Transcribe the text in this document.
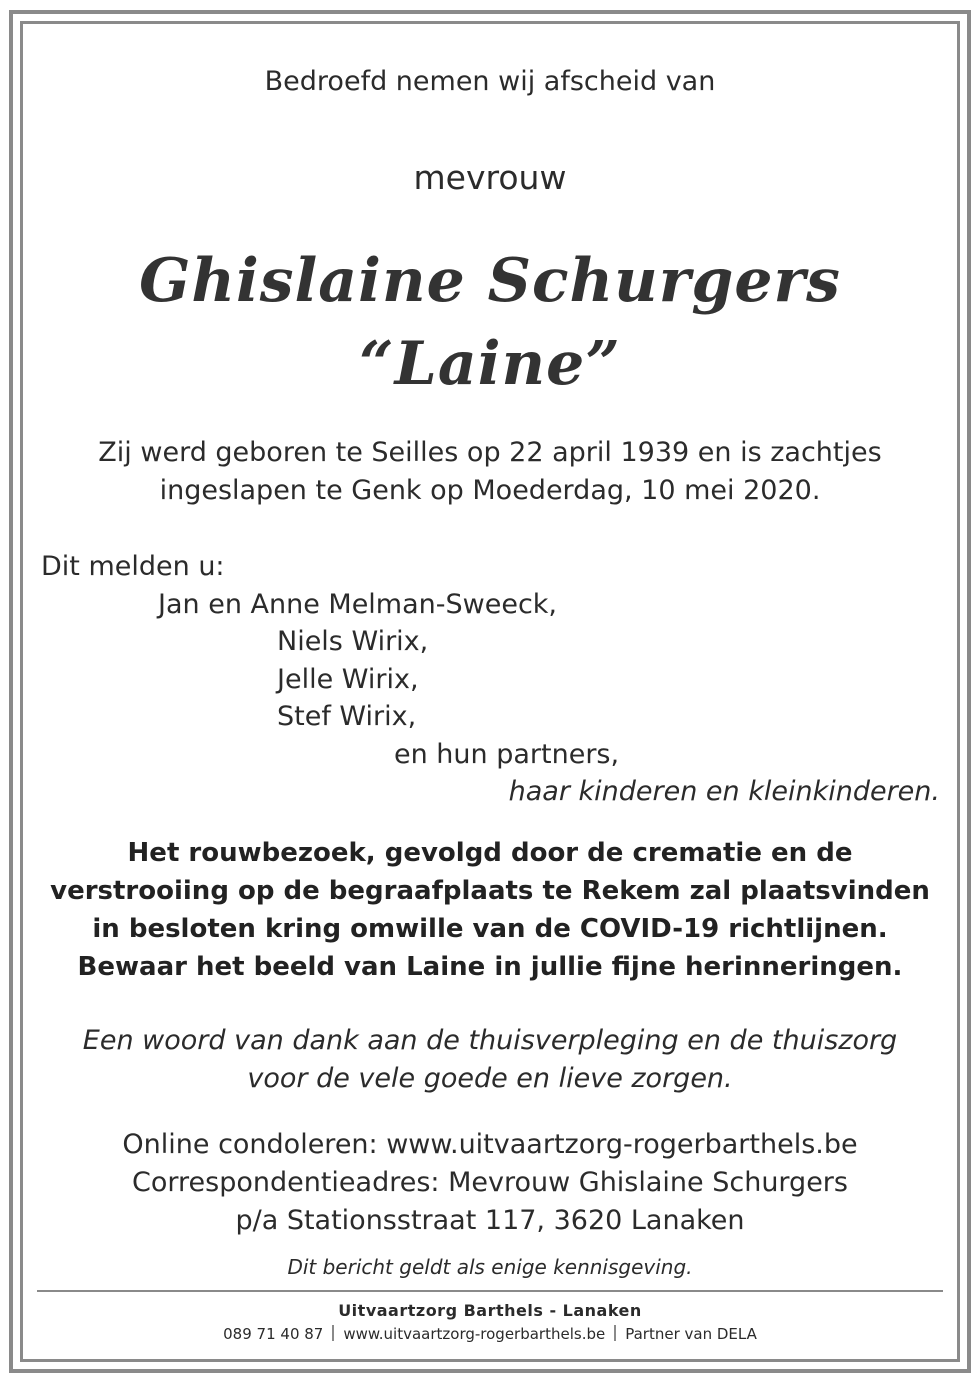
Bedroefd nemen wij afscheid van
mevrouw
Ghislaine Schurgers
“Laine”
Zij werd geboren te Seilles op 22 april 1939 en is zachtjes
ingeslapen te Genk op Moederdag, 10 mei 2020.
Dit melden u:
Jan en Anne Melman-Sweeck,
Niels Wirix,
Jelle Wirix,
Stef Wirix,
en hun partners,
haar kinderen en kleinkinderen.
Het rouwbezoek, gevolgd door de crematie en de
verstrooiing op de begraafplaats te Rekem zal plaatsvinden
in besloten kring omwille van de COVID-19 richtlijnen.
Bewaar het beeld van Laine in jullie fijne herinneringen.
Een woord van dank aan de thuisverpleging en de thuiszorg
voor de vele goede en lieve zorgen.
Online condoleren: www.uitvaartzorg-rogerbarthels.be
Correspondentieadres: Mevrouw Ghislaine Schurgers
p/a Stationsstraat 117, 3620 Lanaken
Dit bericht geldt als enige kennisgeving.
Uitvaartzorg Barthels - Lanaken
089 71 40 87 www.uitvaartzorg-rogerbarthels.be Partner van DELA
